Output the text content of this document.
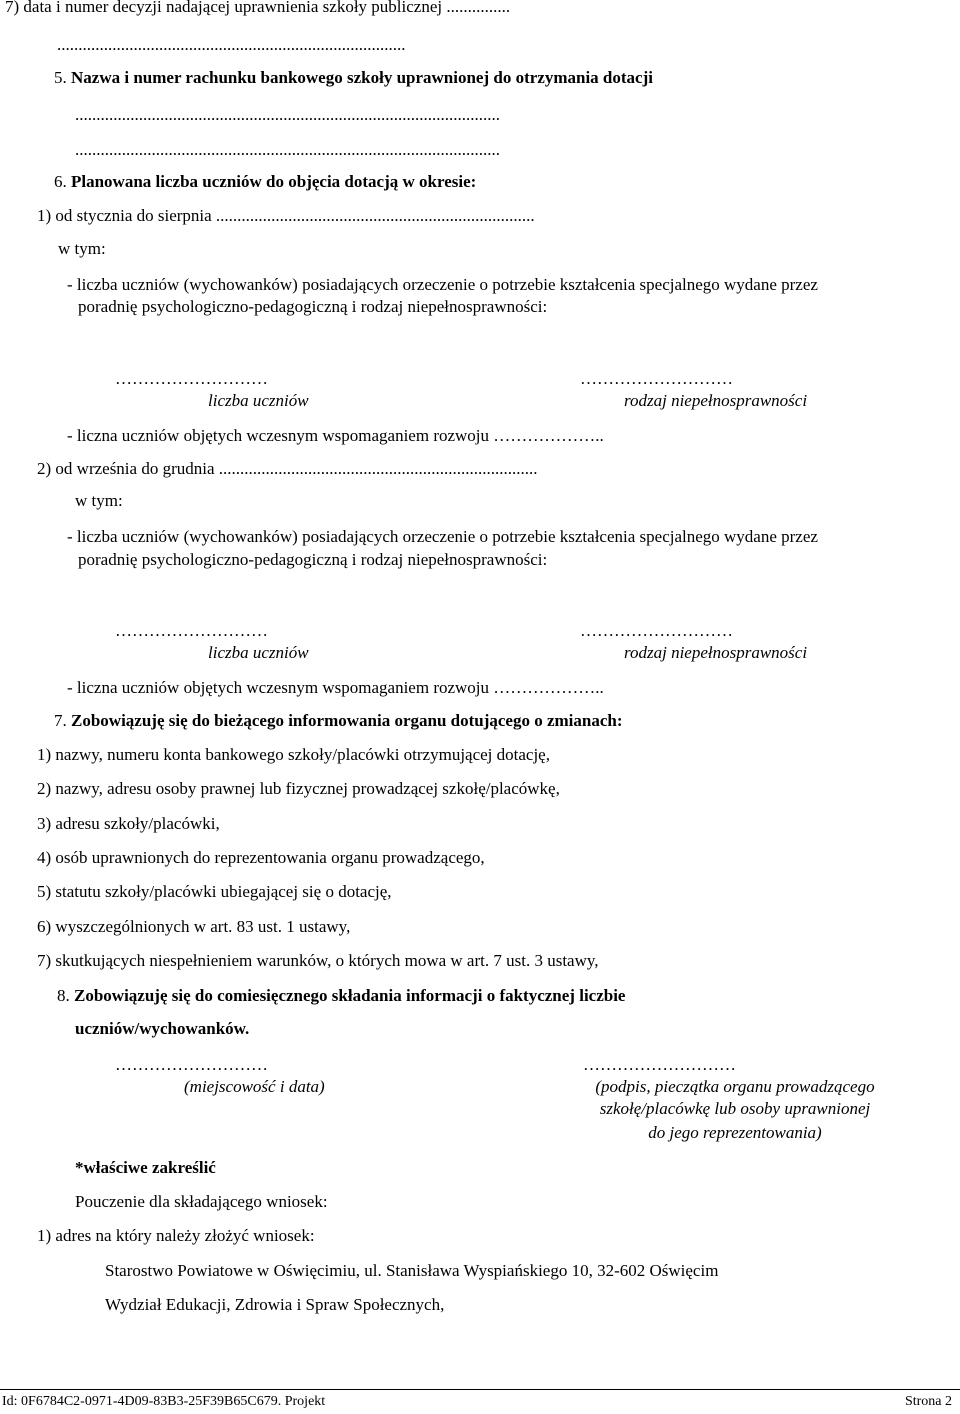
7) data i numer decyzji nadającej uprawnienia szkoły publicznej ...............
..................................................................................
5. Nazwa i numer rachunku bankowego szkoły uprawnionej do otrzymania dotacji
....................................................................................................
....................................................................................................
6. Planowana liczba uczniów do objęcia dotacją w okresie:
1) od stycznia do sierpnia ...........................................................................
w tym:
- liczba uczniów (wychowanków) posiadających orzeczenie o potrzebie kształcenia specjalnego wydane przez
poradnię psychologiczno-pedagogiczną i rodzaj niepełnosprawności:
………………………	………………………
liczba uczniów	rodzaj niepełnosprawności
- liczna uczniów objętych wczesnym wspomaganiem rozwoju ………………..
2) od września do grudnia ...........................................................................
w tym:
- liczba uczniów (wychowanków) posiadających orzeczenie o potrzebie kształcenia specjalnego wydane przez
poradnię psychologiczno-pedagogiczną i rodzaj niepełnosprawności:
………………………	………………………
liczba uczniów	rodzaj niepełnosprawności
- liczna uczniów objętych wczesnym wspomaganiem rozwoju ………………..
7. Zobowiązuję się do bieżącego informowania organu dotującego o zmianach:
1) nazwy, numeru konta bankowego szkoły/placówki otrzymującej dotację,
2) nazwy, adresu osoby prawnej lub fizycznej prowadzącej szkołę/placówkę,
3) adresu szkoły/placówki,
4) osób uprawnionych do reprezentowania organu prowadzącego,
5) statutu szkoły/placówki ubiegającej się o dotację,
6) wyszczególnionych w art. 83 ust. 1 ustawy,
7) skutkujących niespełnieniem warunków, o których mowa w art. 7 ust. 3 ustawy,
8. Zobowiązuję się do comiesięcznego składania informacji o faktycznej liczbie
uczniów/wychowanków.
………………………	………………………
(miejscowość i data)	(podpis, pieczątka organu prowadzącego
szkołę/placówkę lub osoby uprawnionej
do jego reprezentowania)
*właściwe zakreślić
Pouczenie dla składającego wniosek:
1) adres na który należy złożyć wniosek:
Starostwo Powiatowe w Oświęcimiu, ul. Stanisława Wyspiańskiego 10, 32-602 Oświęcim
Wydział Edukacji, Zdrowia i Spraw Społecznych,
Id: 0F6784C2-0971-4D09-83B3-25F39B65C679. Projekt	Strona 2
